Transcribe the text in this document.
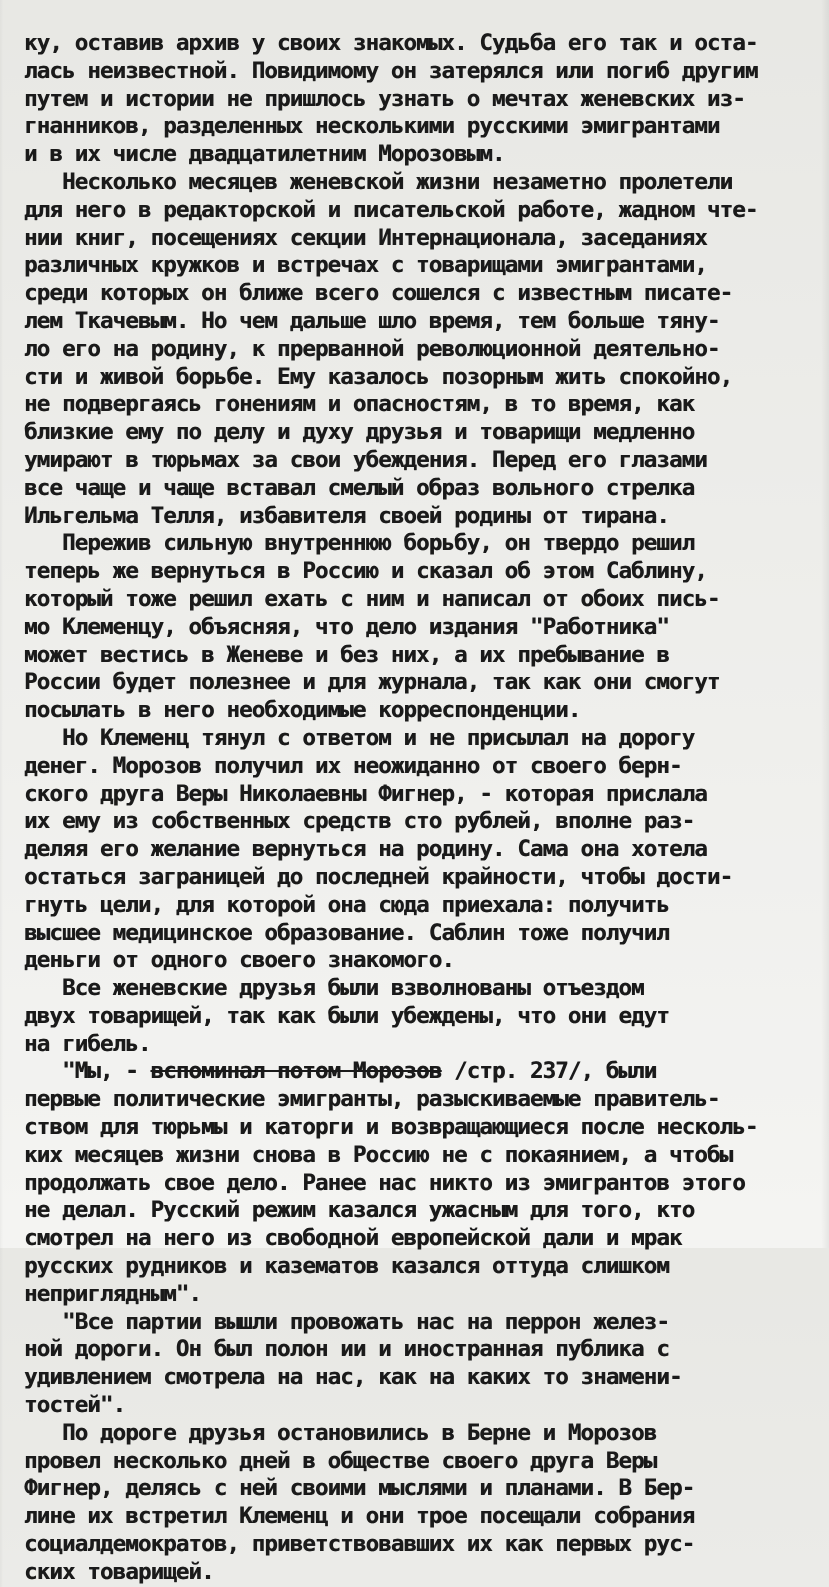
ку, оставив архив у своих знакомых. Судьба его так и оста-
лась неизвестной. Повидимому он затерялся или погиб другим
путем и истории не пришлось узнать о мечтах женевских из-
гнанников, разделенных несколькими русскими эмигрантами
и в их числе двадцатилетним Морозовым.
Несколько месяцев женевской жизни незаметно пролетели
для него в редакторской и писательской работе, жадном чте-
нии книг, посещениях секции Интернационала, заседаниях
различных кружков и встречах с товарищами эмигрантами,
среди которых он ближе всего сошелся с известным писате-
лем Ткачевым. Но чем дальше шло время, тем больше тяну-
ло его на родину, к прерванной революционной деятельно-
сти и живой борьбе. Ему казалось позорным жить спокойно,
не подвергаясь гонениям и опасностям, в то время, как
близкие ему по делу и духу друзья и товарищи медленно
умирают в тюрьмах за свои убеждения. Перед его глазами
все чаще и чаще вставал смелый образ вольного стрелка
Ильгельма Телля, избавителя своей родины от тирана.
Пережив сильную внутреннюю борьбу, он твердо решил
теперь же вернуться в Россию и сказал об этом Саблину,
который тоже решил ехать с ним и написал от обоих пись-
мо Клеменцу, объясняя, что дело издания "Работника"
может вестись в Женеве и без них, а их пребывание в
России будет полезнее и для журнала, так как они смогут
посылать в него необходимые корреспонденции.
Но Клеменц тянул с ответом и не присылал на дорогу
денег. Морозов получил их неожиданно от своего берн-
ского друга Веры Николаевны Фигнер, - которая прислала
их ему из собственных средств сто рублей, вполне раз-
деляя его желание вернуться на родину. Сама она хотела
остаться заграницей до последней крайности, чтобы дости-
гнуть цели, для которой она сюда приехала: получить
высшее медицинское образование. Саблин тоже получил
деньги от одного своего знакомого.
Все женевские друзья были взволнованы отъездом
двух товарищей, так как были убеждены, что они едут
на гибель.
"Мы, - вспоминал потом Морозов /стр. 237/, были
первые политические эмигранты, разыскиваемые правитель-
ством для тюрьмы и каторги и возвращающиеся после несколь-
ких месяцев жизни снова в Россию не с покаянием, а чтобы
продолжать свое дело. Ранее нас никто из эмигрантов этого
не делал. Русский режим казался ужасным для того, кто
смотрел на него из свободной европейской дали и мрак
русских рудников и казематов казался оттуда слишком
неприглядным".
"Все партии вышли провожать нас на перрон желез-
ной дороги. Он был полон ии и иностранная публика с
удивлением смотрела на нас, как на каких то знамени-
тостей".
По дороге друзья остановились в Берне и Морозов
провел несколько дней в обществе своего друга Веры
Фигнер, делясь с ней своими мыслями и планами. В Бер-
лине их встретил Клеменц и они трое посещали собрания
социалдемократов, приветствовавших их как первых рус-
ских товарищей.
